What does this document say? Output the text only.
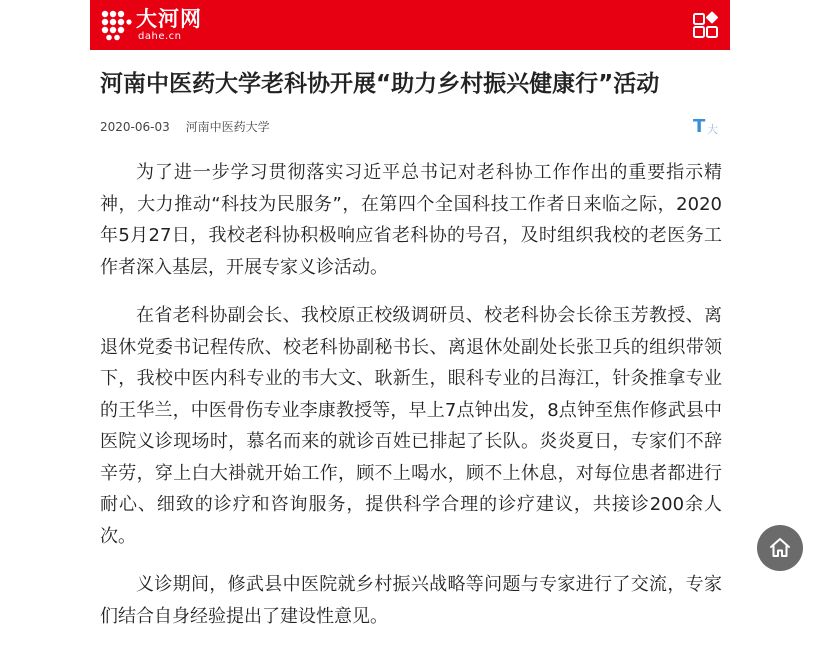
大河网
dahe.cn
河南中医药大学老科协开展“助力乡村振兴健康行”活动
2020-06-03 河南中医药大学	T 大

为了进一步学习贯彻落实习近平总书记对老科协工作作出的重要指示精神，大力推动“科技为民服务”，在第四个全国科技工作者日来临之际，2020年5月27日，我校老科协积极响应省老科协的号召，及时组织我校的老医务工作者深入基层，开展专家义诊活动。

在省老科协副会长、我校原正校级调研员、校老科协会长徐玉芳教授、离退休党委书记程传欣、校老科协副秘书长、离退休处副处长张卫兵的组织带领下，我校中医内科专业的韦大文、耿新生，眼科专业的吕海江，针灸推拿专业的王华兰，中医骨伤专业李康教授等，早上7点钟出发，8点钟至焦作修武县中医院义诊现场时，慕名而来的就诊百姓已排起了长队。炎炎夏日，专家们不辞辛劳，穿上白大褂就开始工作，顾不上喝水，顾不上休息，对每位患者都进行耐心、细致的诊疗和咨询服务，提供科学合理的诊疗建议，共接诊200余人次。

义诊期间，修武县中医院就乡村振兴战略等问题与专家进行了交流，专家们结合自身经验提出了建设性意见。
